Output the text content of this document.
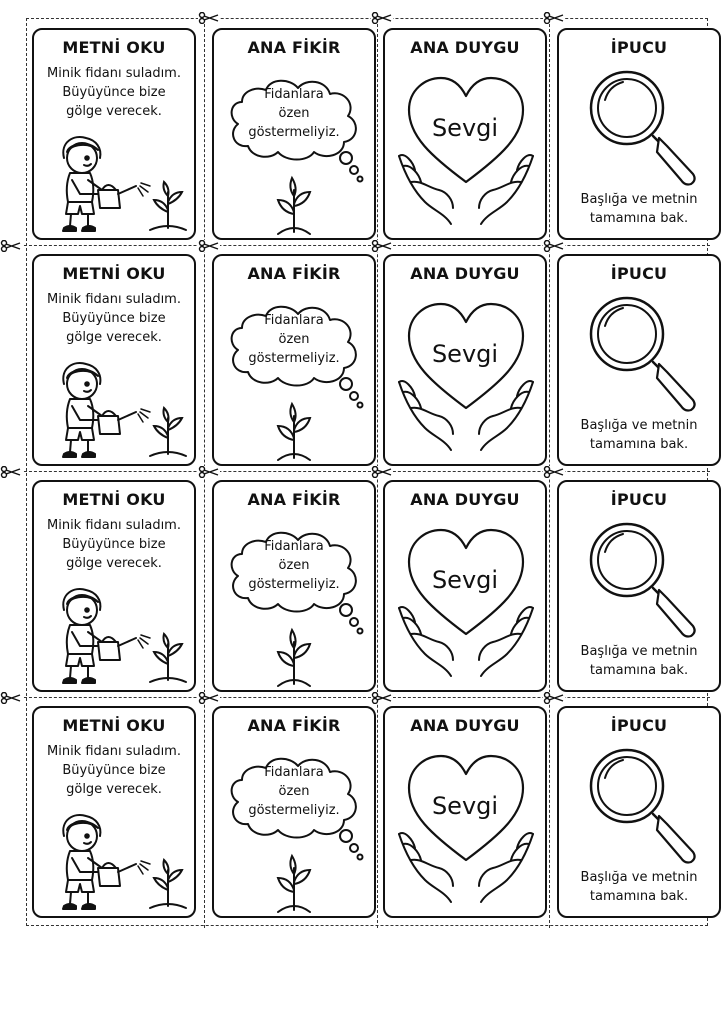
METNİ OKU
Minik fidanı suladım.
Büyüyünce bize
gölge verecek.
ANA FİKİR
Fidanlara
özen
göstermeliyiz.
ANA DUYGU
Sevgi
İPUCU
Başlığa ve metnin
tamamına bak.
METNİ OKU
Minik fidanı suladım.
Büyüyünce bize
gölge verecek.
ANA FİKİR
Fidanlara
özen
göstermeliyiz.
ANA DUYGU
Sevgi
İPUCU
Başlığa ve metnin
tamamına bak.
METNİ OKU
Minik fidanı suladım.
Büyüyünce bize
gölge verecek.
ANA FİKİR
Fidanlara
özen
göstermeliyiz.
ANA DUYGU
Sevgi
İPUCU
Başlığa ve metnin
tamamına bak.
METNİ OKU
Minik fidanı suladım.
Büyüyünce bize
gölge verecek.
ANA FİKİR
Fidanlara
özen
göstermeliyiz.
ANA DUYGU
Sevgi
İPUCU
Başlığa ve metnin
tamamına bak.
